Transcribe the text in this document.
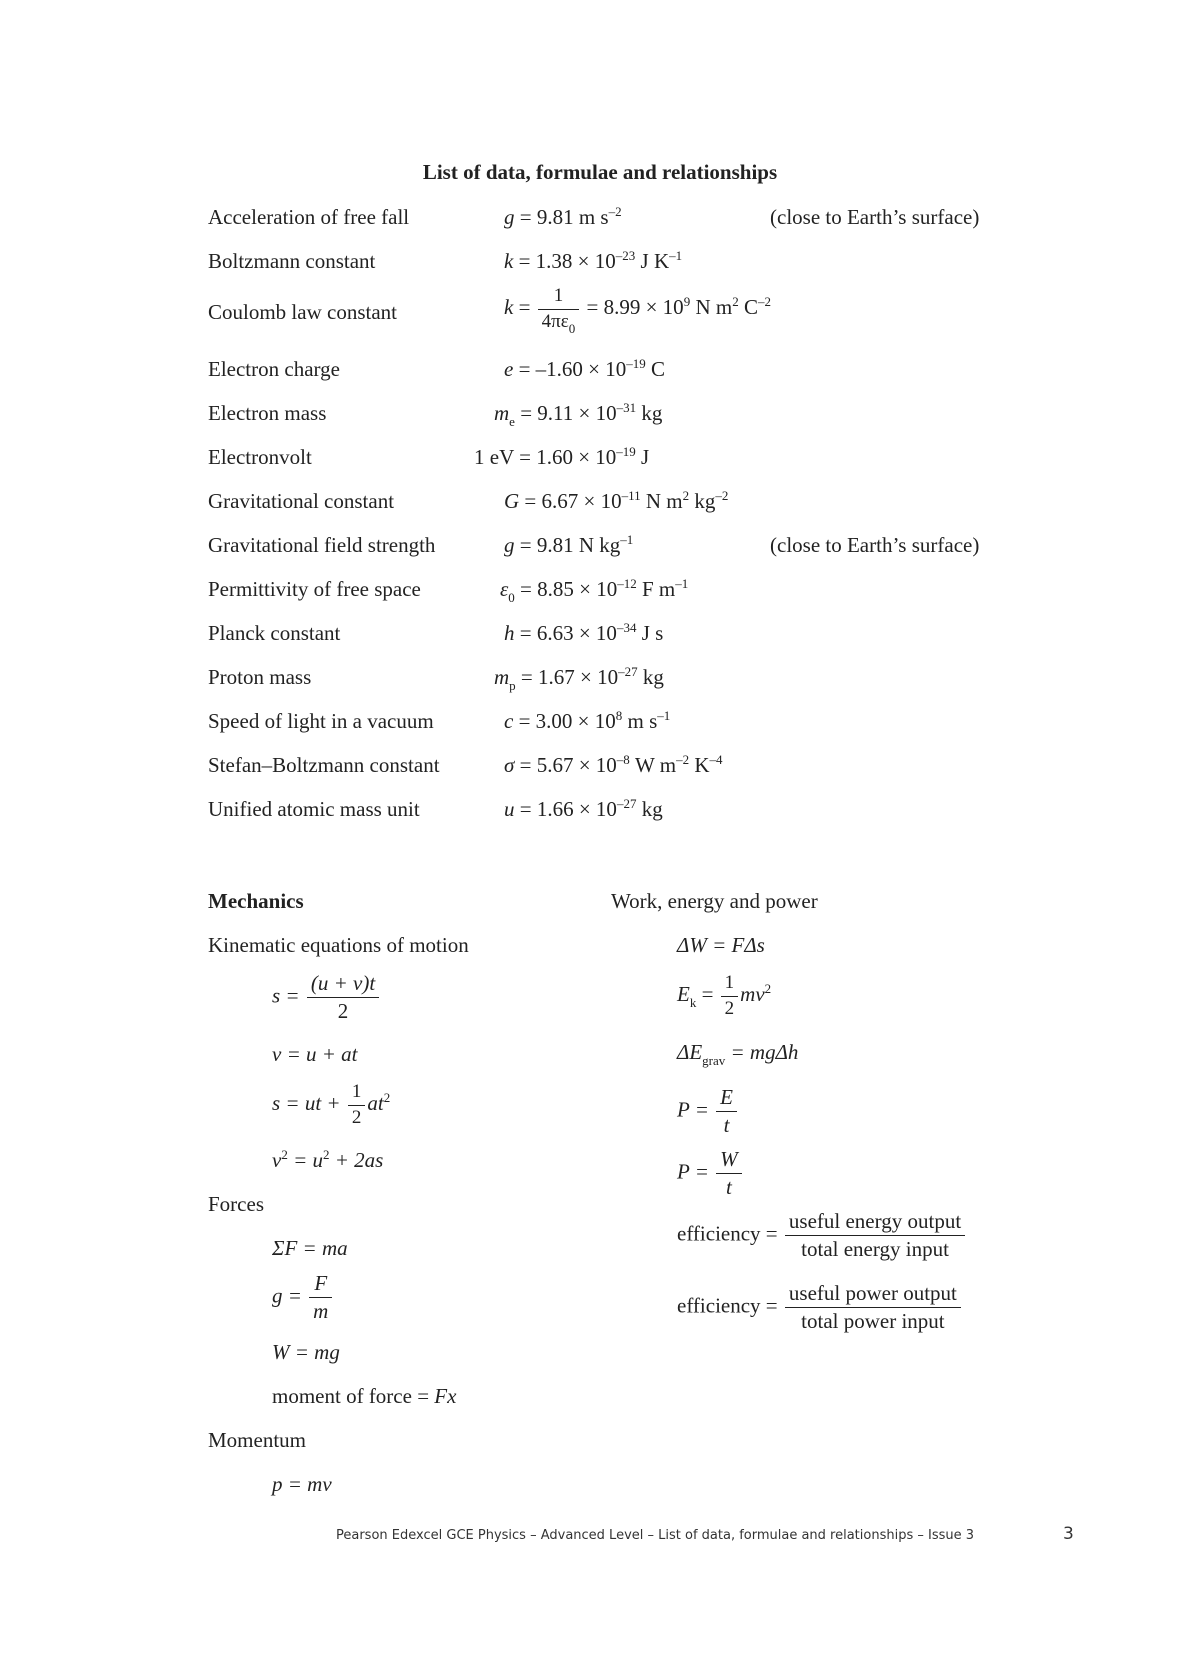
List of data, formulae and relationships
Acceleration of free fall	g = 9.81 m $s^{-2}$	(close to Earth’s surface)
Boltzmann constant	$k = 1.38 \times 10^{-23}$ J $K^{-1}$
Coulomb law constant	$k = \frac{1}{4\pi\varepsilon_0} = 8.99 \times 10^9$ N $m^2$ $C^{-2}$
Electron charge	$e = -1.60 \times 10^{-19}$ C
Electron mass	$m_e = 9.11 \times 10^{-31}$ kg
Electronvolt	1 eV = $1.60 \times 10^{-19}$ J
Gravitational constant	$G = 6.67 \times 10^{-11}$ N $m^2$ $kg^{-2}$
Gravitational field strength	g = 9.81 N $kg^{-1}$	(close to Earth’s surface)
Permittivity of free space	$\varepsilon_0 = 8.85 \times 10^{-12}$ F $m^{-1}$
Planck constant	$h = 6.63 \times 10^{-34}$ J s
Proton mass	$m_p = 1.67 \times 10^{-27}$ kg
Speed of light in a vacuum	$c = 3.00 \times 10^8$ m $s^{-1}$
Stefan–Boltzmann constant	$\sigma = 5.67 \times 10^{-8}$ W $m^{-2}$ $K^{-4}$
Unified atomic mass unit	$u = 1.66 \times 10^{-27}$ kg
Mechanics
Kinematic equations of motion
$s = \frac{(u + v)t}{2}$
v = u + at
s = ut + $\frac{1}{2} at^2$
$v^2 = u^2 + 2as$
Forces
ΣF = ma
$g = \frac{F}{m}$
W = mg
moment of force = Fx
Momentum
p = mv
Work, energy and power
ΔW = FΔs
$E_k = \frac{1}{2} mv^2$
$\Delta E_{grav} = mg\Delta h$
$P = \frac{E}{t}$
$P = \frac{W}{t}$
efficiency = $\frac{\text{useful energy output}}{\text{total energy input}}$
efficiency = $\frac{\text{useful power output}}{\text{total power input}}$
Pearson Edexcel GCE Physics – Advanced Level – List of data, formulae and relationships – Issue 3	3
